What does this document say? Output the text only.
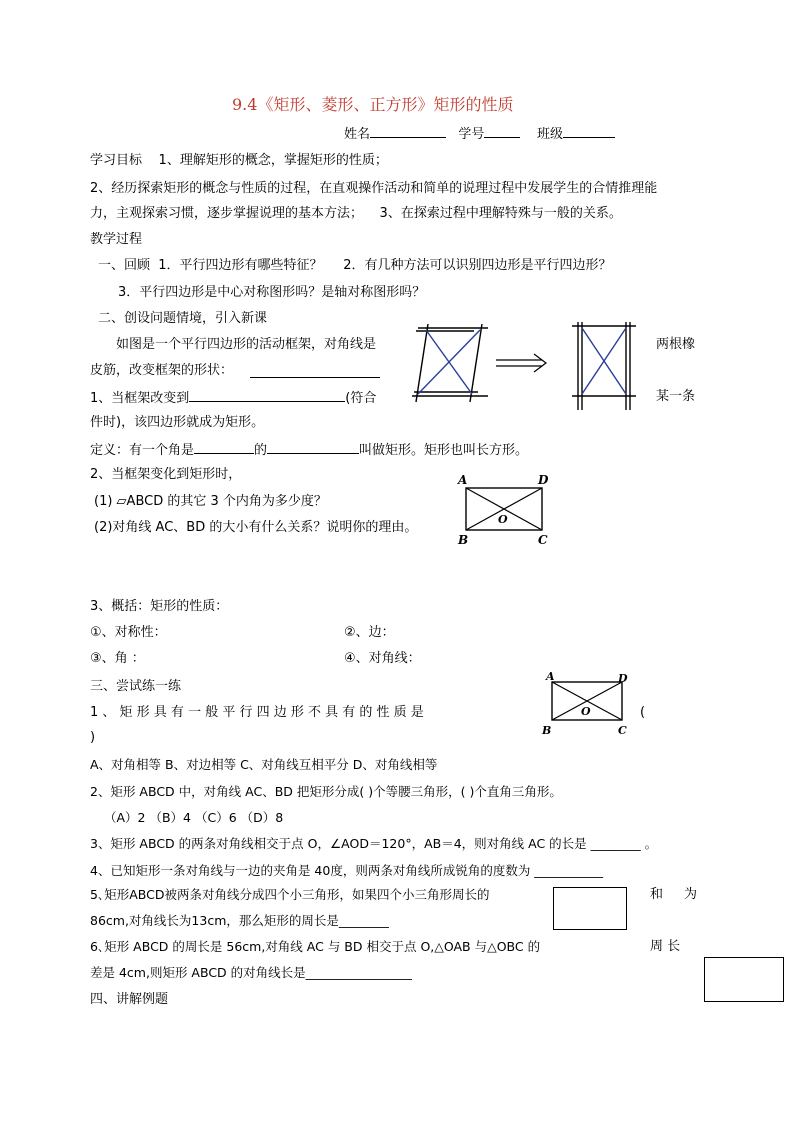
9.4《矩形、菱形、正方形》矩形的性质
姓名	学号	班级
学习目标 1、理解矩形的概念，掌握矩形的性质；
2、经历探索矩形的概念与性质的过程，在直观操作活动和简单的说理过程中发展学生的合情推理能
力，主观探索习惯，逐步掌握说理的基本方法； 3、在探索过程中理解特殊与一般的关系。
教学过程
一、回顾 1．平行四边形有哪些特征？ 2．有几种方法可以识别四边形是平行四边形？
3．平行四边形是中心对称图形吗？是轴对称图形吗？
二、创设问题情境，引入新课
如图是一个平行四边形的活动框架，对角线是	两根橡
皮筋，改变框架的形状：
1、当框架改变到	(符合	某一条
件时)，该四边形就成为矩形。
定义：有一个角是	的	叫做矩形。矩形也叫长方形。
2、当框架变化到矩形时，
(1) ▱ABCD 的其它 3 个内角为多少度？
(2)对角线 AC、BD 的大小有什么关系？说明你的理由。
A	D
B	C
O
3、概括：矩形的性质：
①、对称性：	②、边：
③、角 ：	④、对角线：
三、尝试练一练
1 、 矩 形 具 有 一 般 平 行 四 边 形 不 具 有 的 性 质 是	(
)
A	D
B	C
O
A、对角相等 B、对边相等 C、对角线互相平分 D、对角线相等
2、矩形 ABCD 中，对角线 AC、BD 把矩形分成( )个等腰三角形，( )个直角三角形。
（A）2 （B）4 （C）6 （D）8
3、矩形 ABCD 的两条对角线相交于点 O，∠AOD＝120°，AB＝4，则对角线 AC 的长是 ________ 。
4、已知矩形一条对角线与一边的夹角是 40度，则两条对角线所成锐角的度数为 ___________
5､矩形ABCD被两条对角线分成四个小三角形，如果四个小三角形周长的	和 为
86cm,对角线长为13cm，那么矩形的周长是________
6､矩形 ABCD 的周长是 56cm,对角线 AC 与 BD 相交于点 O,△OAB 与△OBC 的	周 长
差是 4cm,则矩形 ABCD 的对角线长是_________________
四、讲解例题
